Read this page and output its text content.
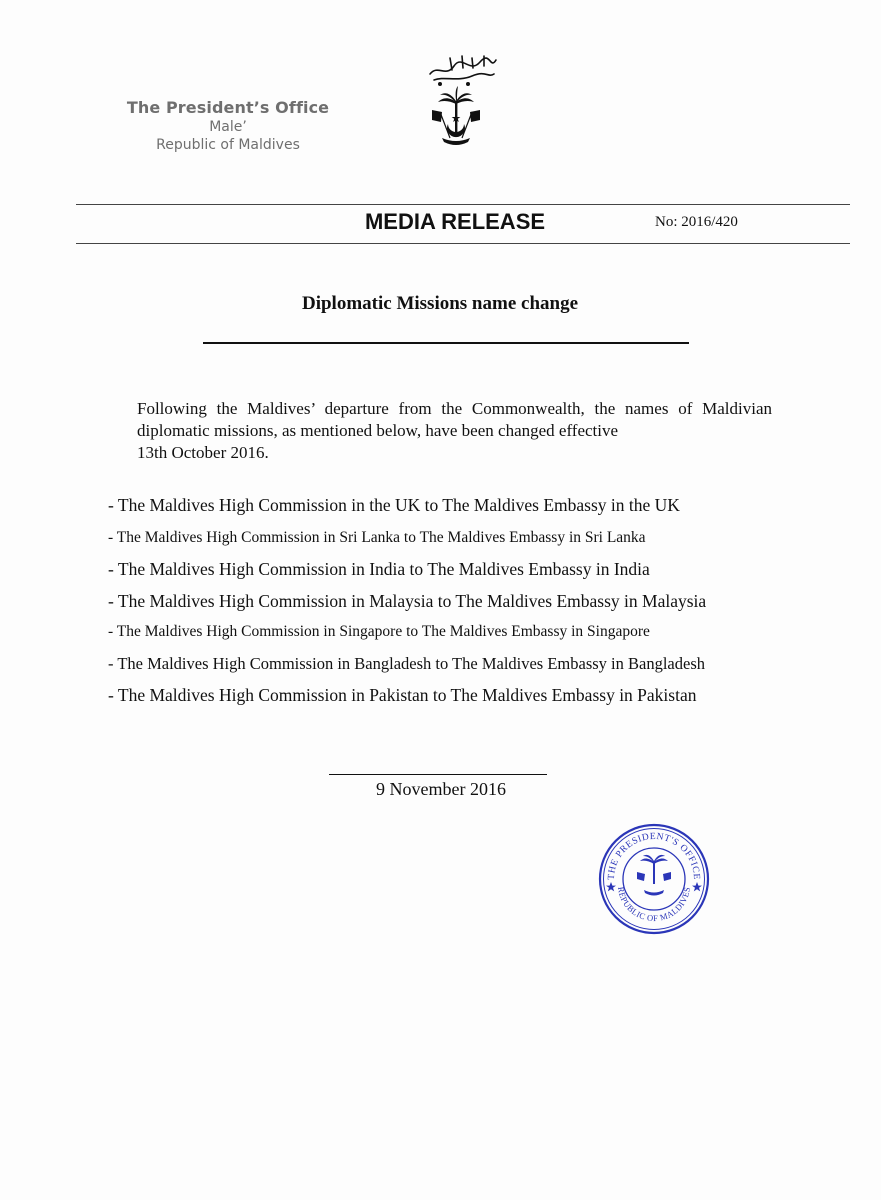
The President’s Office
Male’
Republic of Maldives
MEDIA RELEASE	No: 2016/420
Diplomatic Missions name change
Following the Maldives’ departure from the Commonwealth, the names of Maldivian diplomatic missions, as mentioned below, have been changed effective
13th October 2016.
- The Maldives High Commission in the UK to The Maldives Embassy in the UK
- The Maldives High Commission in Sri Lanka to The Maldives Embassy in Sri Lanka
- The Maldives High Commission in India to The Maldives Embassy in India
- The Maldives High Commission in Malaysia to The Maldives Embassy in Malaysia
- The Maldives High Commission in Singapore to The Maldives Embassy in Singapore
- The Maldives High Commission in Bangladesh to The Maldives Embassy in Bangladesh
- The Maldives High Commission in Pakistan to The Maldives Embassy in Pakistan
9 November 2016
THE PRESIDENT'S OFFICE
REPUBLIC OF MALDIVES
